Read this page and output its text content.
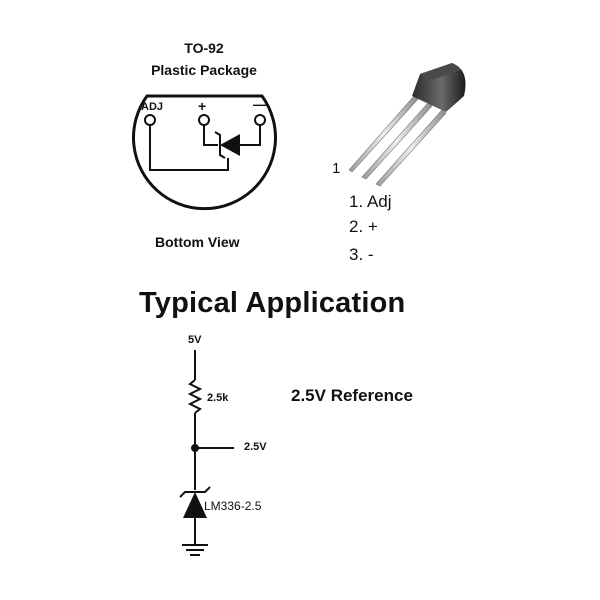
TO-92
Plastic Package
ADJ +	—
Bottom View
1
1. Adj
2. +
3. -
Typical Application
5V
2.5k
2.5V
2.5V Reference
LM336-2.5
